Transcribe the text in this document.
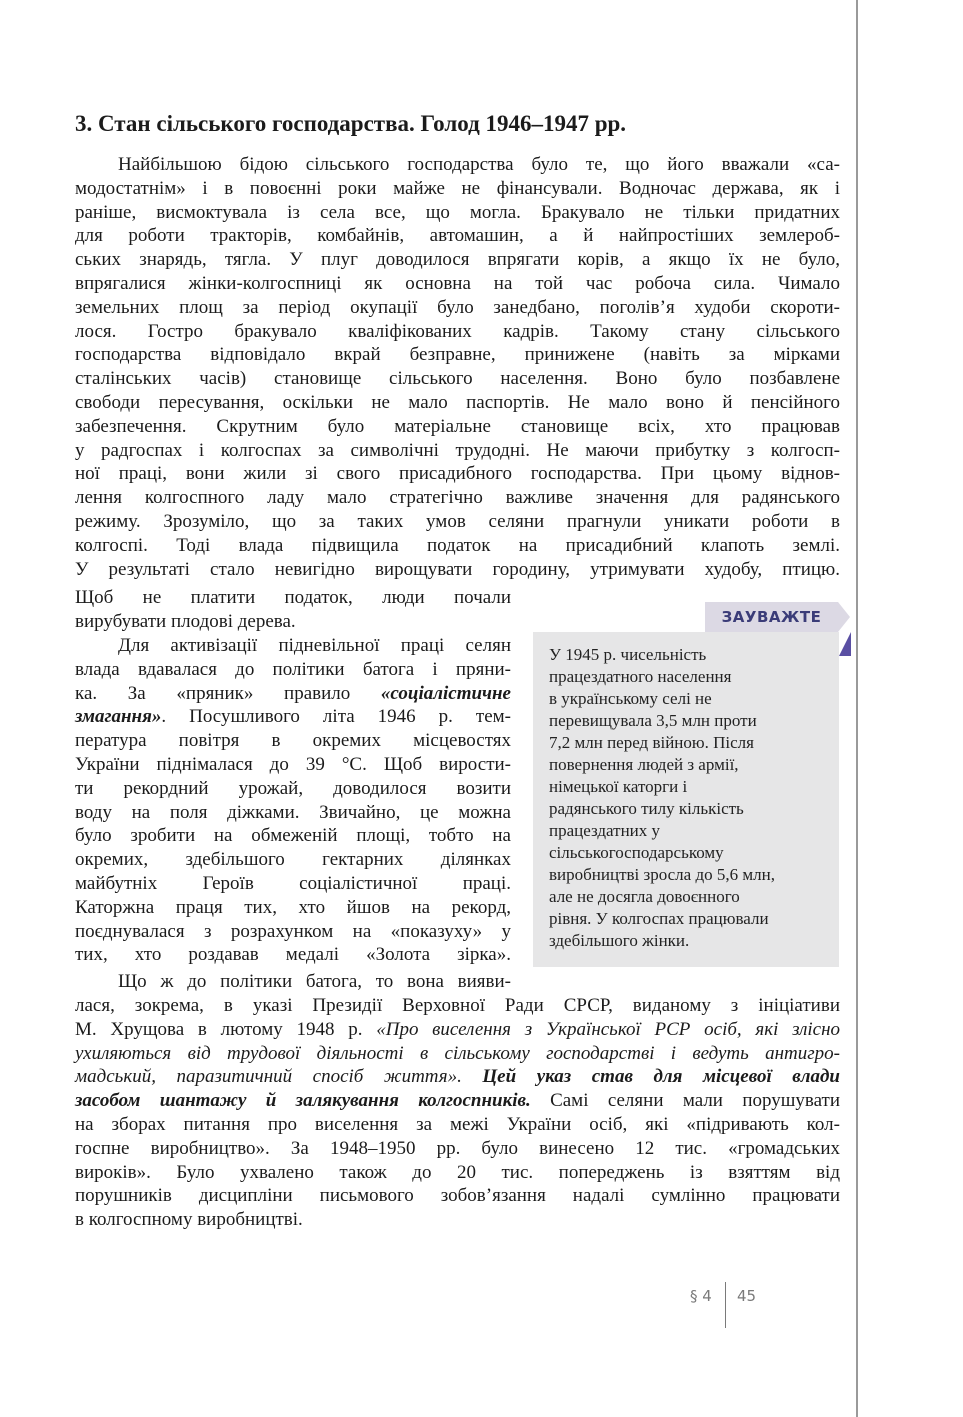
3. Стан сільського господарства. Голод 1946–1947 рр.
Найбільшою бідою сільського господарства було те, що його вважали «са-
модостатнім» і в повоєнні роки майже не фінансували. Водночас держава, як і
раніше, висмоктувала із села все, що могла. Бракувало не тільки придатних
для роботи тракторів, комбайнів, автомашин, а й найпростіших землероб-
ських знарядь, тягла. У плуг доводилося впрягати корів, а якщо їх не було,
впрягалися жінки-колгоспниці як основна на той час робоча сила. Чимало
земельних площ за період окупації було занедбано, поголів’я худоби скороти-
лося. Гостро бракувало кваліфікованих кадрів. Такому стану сільського
господарства відповідало вкрай безправне, принижене (навіть за мірками
сталінських часів) становище сільського населення. Воно було позбавлене
свободи пересування, оскільки не мало паспортів. Не мало воно й пенсійного
забезпечення. Скрутним було матеріальне становище всіх, хто працював
у радгоспах і колгоспах за символічні трудодні. Не маючи прибутку з колгосп-
ної праці, вони жили зі свого присадибного господарства. При цьому віднов-
лення колгоспного ладу мало стратегічно важливе значення для радянського
режиму. Зрозуміло, що за таких умов селяни прагнули уникати роботи в
колгоспі. Тоді влада підвищила податок на присадибний клапоть землі.
У результаті стало невигідно вирощувати городину, утримувати худобу, птицю.
Щоб не платити податок, люди почали
вирубувати плодові дерева.
Для активізації підневільної праці селян
влада вдавалася до політики батога і пряни-
ка. За «пряник» правило «соціалістичне
змагання». Посушливого літа 1946 р. тем-
пература повітря в окремих місцевостях
України піднімалася до 39 °С. Щоб вирости-
ти рекордний урожай, доводилося возити
воду на поля діжками. Звичайно, це можна
було зробити на обмеженій площі, тобто на
окремих, здебільшого гектарних ділянках
майбутніх Героїв соціалістичної праці.
Каторжна праця тих, хто йшов на рекорд,
поєднувалася з розрахунком на «показуху» у
тих, хто роздавав медалі «Золота зірка».
Що ж до політики батога, то вона вияви-
лася, зокрема, в указі Президії Верховної Ради СРСР, виданому з ініціативи
М. Хрущова в лютому 1948 р. «Про виселення з Української РСР осіб, які злісно
ухиляються від трудової діяльності в сільському господарстві і ведуть антигро-
мадський, паразитичний спосіб життя». Цей указ став для місцевої влади
засобом шантажу й залякування колгоспників. Самі селяни мали порушувати
на зборах питання про виселення за межі України осіб, які «підривають кол-
госпне виробництво». За 1948–1950 рр. було винесено 12 тис. «громадських
вироків». Було ухвалено також до 20 тис. попереджень із взяттям від
порушників дисципліни письмового зобов’язання надалі сумлінно працювати
в колгоспному виробництві.
ЗАУВАЖТЕ
У 1945 р. чисельність
працездатного населення
в українському селі не
перевищувала 3,5 млн проти
7,2 млн перед війною. Після
повернення людей з армії,
німецької каторги і
радянського тилу кількість
працездатних у
сільськогосподарському
виробництві зросла до 5,6 млн,
але не досягла довоєнного
рівня. У колгоспах працювали
здебільшого жінки.
§ 4 45
